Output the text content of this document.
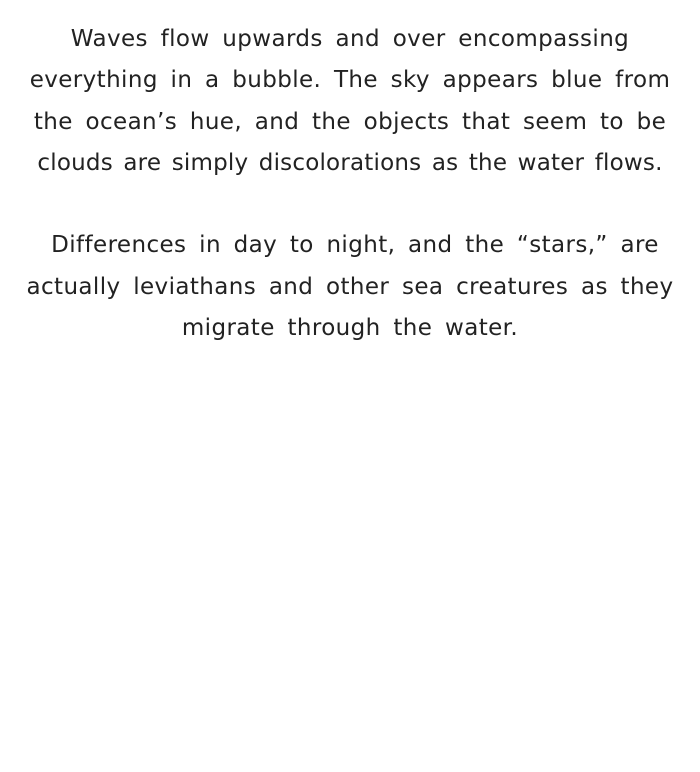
Waves flow upwards and over encompassing
everything in a bubble. The sky appears blue from
the ocean’s hue, and the objects that seem to be
clouds are simply discolorations as the water flows.
Differences in day to night, and the “stars,” are
actually leviathans and other sea creatures as they
migrate through the water.
